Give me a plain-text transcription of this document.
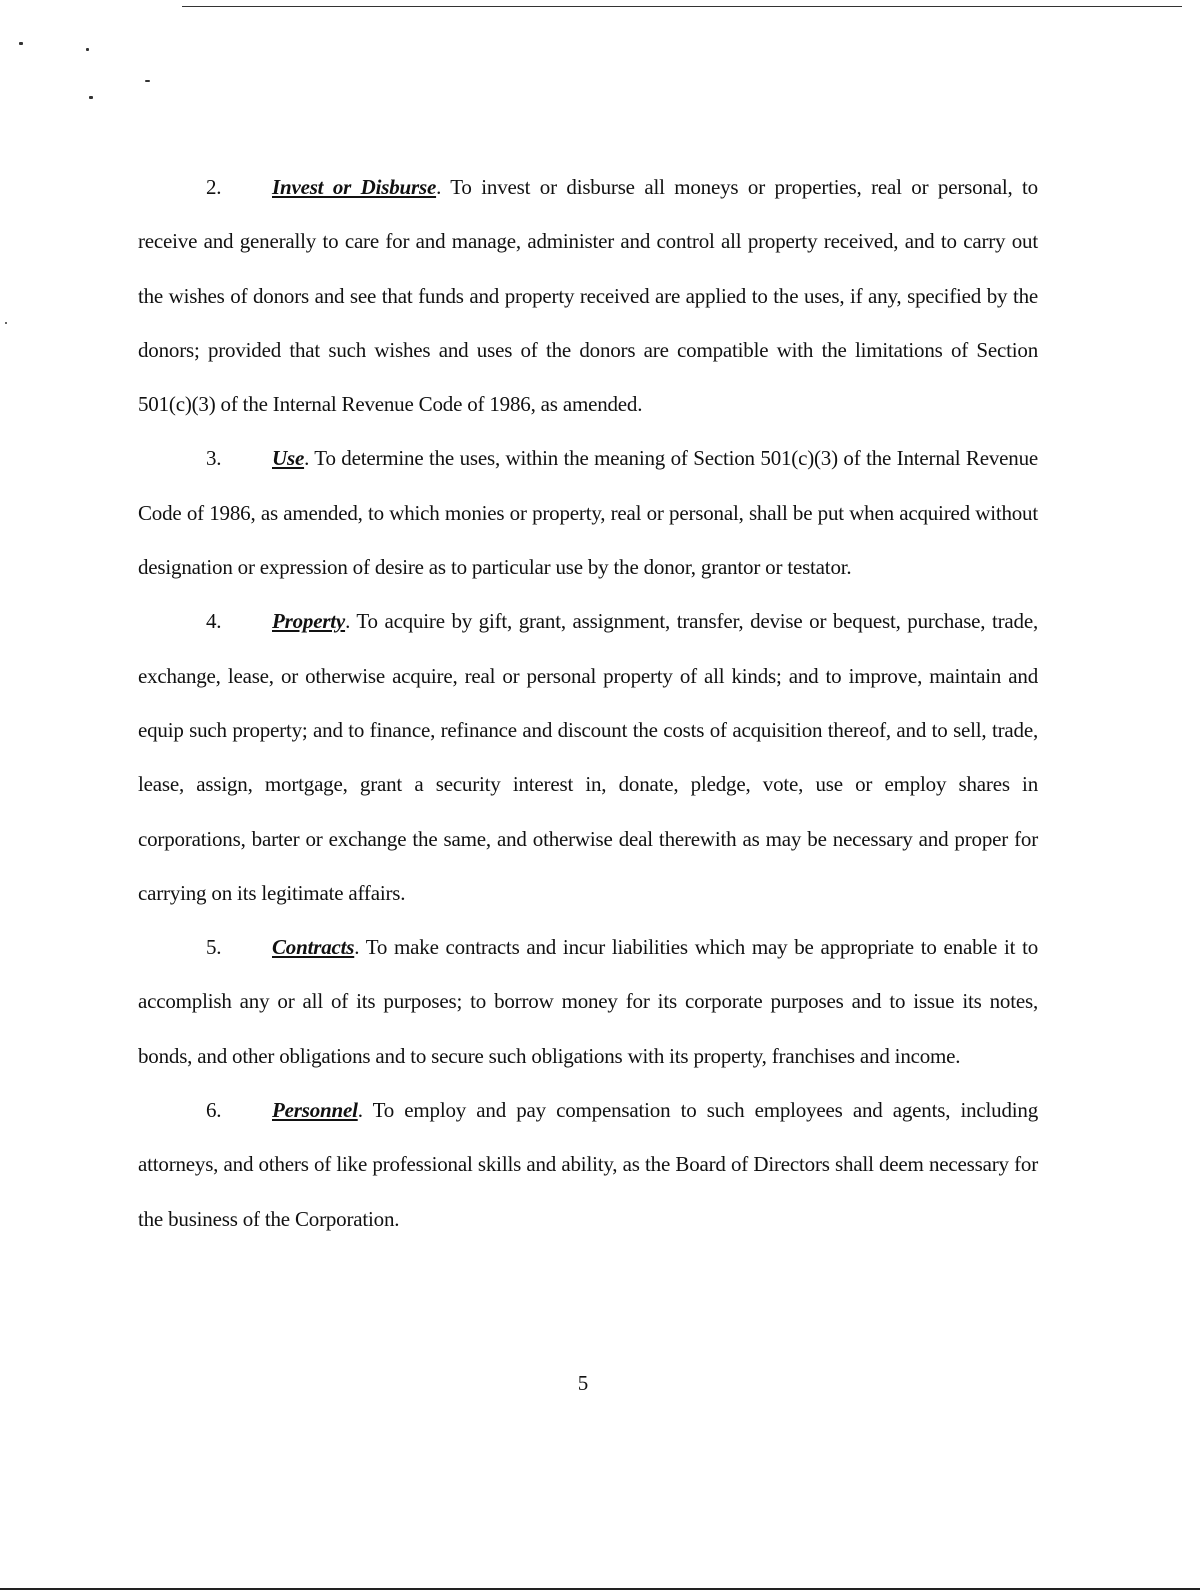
2. Invest or Disburse. To invest or disburse all moneys or properties, real or personal, to receive and generally to care for and manage, administer and control all property received, and to carry out the wishes of donors and see that funds and property received are applied to the uses, if any, specified by the donors; provided that such wishes and uses of the donors are compatible with the limitations of Section 501(c)(3) of the Internal Revenue Code of 1986, as amended.

3. Use. To determine the uses, within the meaning of Section 501(c)(3) of the Internal Revenue Code of 1986, as amended, to which monies or property, real or personal, shall be put when acquired without designation or expression of desire as to particular use by the donor, grantor or testator.

4. Property. To acquire by gift, grant, assignment, transfer, devise or bequest, purchase, trade, exchange, lease, or otherwise acquire, real or personal property of all kinds; and to improve, maintain and equip such property; and to finance, refinance and discount the costs of acquisition thereof, and to sell, trade, lease, assign, mortgage, grant a security interest in, donate, pledge, vote, use or employ shares in corporations, barter or exchange the same, and otherwise deal therewith as may be necessary and proper for carrying on its legitimate affairs.

5. Contracts. To make contracts and incur liabilities which may be appropriate to enable it to accomplish any or all of its purposes; to borrow money for its corporate purposes and to issue its notes, bonds, and other obligations and to secure such obligations with its property, franchises and income.

6. Personnel. To employ and pay compensation to such employees and agents, including attorneys, and others of like professional skills and ability, as the Board of Directors shall deem necessary for the business of the Corporation.

5
